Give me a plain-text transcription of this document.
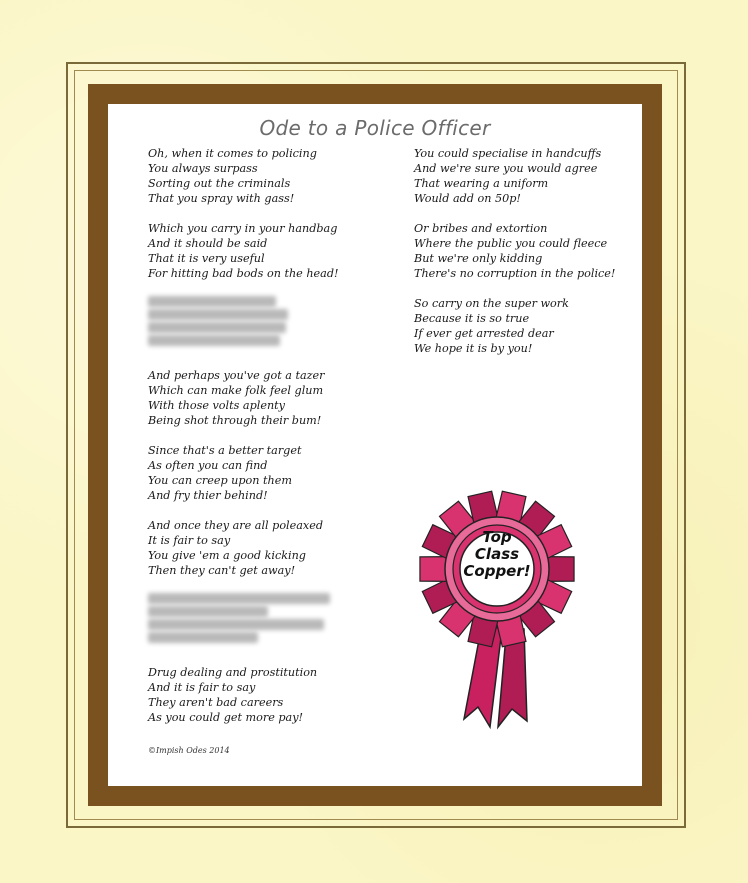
Ode to a Police Officer
Oh, when it comes to policing
You always surpass
Sorting out the criminals
That you spray with gass!
Which you carry in your handbag
And it should be said
That it is very useful
For hitting bad bods on the head!
And perhaps you've got a tazer
Which can make folk feel glum
With those volts aplenty
Being shot through their bum!
Since that's a better target
As often you can find
You can creep upon them
And fry thier behind!
And once they are all poleaxed
It is fair to say
You give 'em a good kicking
Then they can't get away!
Drug dealing and prostitution
And it is fair to say
They aren't bad careers
As you could get more pay!
You could specialise in handcuffs
And we're sure you would agree
That wearing a uniform
Would add on 50p!
Or bribes and extortion
Where the public you could fleece
But we're only kidding
There's no corruption in the police!
So carry on the super work
Because it is so true
If ever get arrested dear
We hope it is by you!
©Impish Odes 2014
Top
Class
Copper!
